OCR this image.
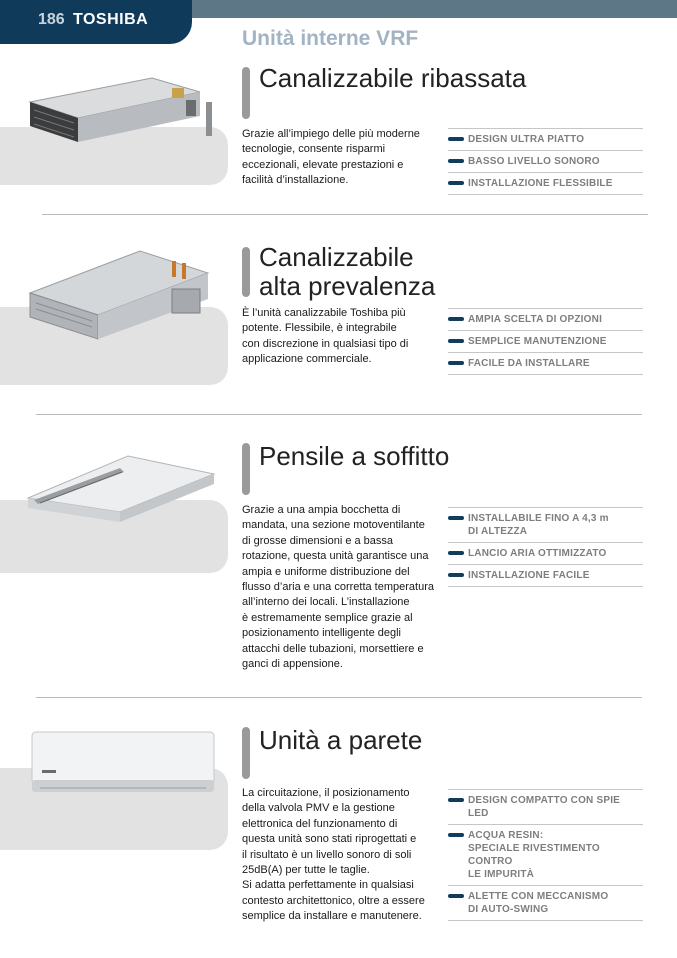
186 TOSHIBA
Unità interne VRF
Canalizzabile ribassata
Grazie all’impiego delle più moderne
tecnologie, consente risparmi
eccezionali, elevate prestazioni e
facilità d’installazione.
DESIGN ULTRA PIATTO
BASSO LIVELLO SONORO
INSTALLAZIONE FLESSIBILE
Canalizzabile
alta prevalenza
È l’unità canalizzabile Toshiba più
potente. Flessibile, è integrabile
con discrezione in qualsiasi tipo di
applicazione commerciale.
AMPIA SCELTA DI OPZIONI
SEMPLICE MANUTENZIONE
FACILE DA INSTALLARE
Pensile a soffitto
Grazie a una ampia bocchetta di
mandata, una sezione motoventilante
di grosse dimensioni e a bassa
rotazione, questa unità garantisce una
ampia e uniforme distribuzione del
flusso d’aria e una corretta temperatura
all’interno dei locali. L’installazione
è estremamente semplice grazie al
posizionamento intelligente degli
attacchi delle tubazioni, morsettiere e
ganci di appensione.
INSTALLABILE FINO A 4,3 m
DI ALTEZZA
LANCIO ARIA OTTIMIZZATO
INSTALLAZIONE FACILE
Unità a parete
La circuitazione, il posizionamento
della valvola PMV e la gestione
elettronica del funzionamento di
questa unità sono stati riprogettati e
il risultato è un livello sonoro di soli
25dB(A) per tutte le taglie.
Si adatta perfettamente in qualsiasi
contesto architettonico, oltre a essere
semplice da installare e manutenere.
DESIGN COMPATTO CON SPIE LED
ACQUA RESIN:
SPECIALE RIVESTIMENTO CONTRO
LE IMPURITÀ
ALETTE CON MECCANISMO
DI AUTO-SWING
